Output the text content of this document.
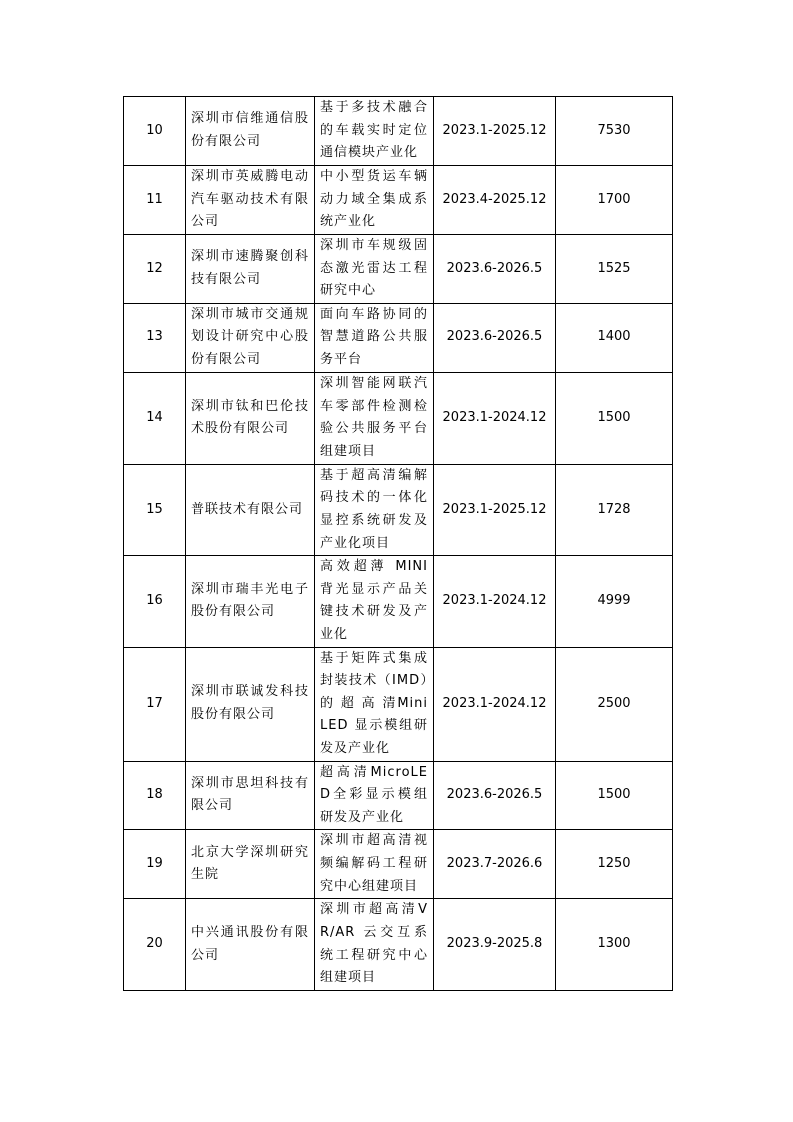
10	深圳市信维通信股份有限公司	基于多技术融合的车载实时定位通信模块产业化	2023.1-2025.12	7530
11	深圳市英威腾电动汽车驱动技术有限公司	中小型货运车辆动力域全集成系统产业化	2023.4-2025.12	1700
12	深圳市速腾聚创科技有限公司	深圳市车规级固态激光雷达工程研究中心	2023.6-2026.5	1525
13	深圳市城市交通规划设计研究中心股份有限公司	面向车路协同的智慧道路公共服务平台	2023.6-2026.5	1400
14	深圳市钛和巴伦技术股份有限公司	深圳智能网联汽车零部件检测检验公共服务平台组建项目	2023.1-2024.12	1500
15	普联技术有限公司	基于超高清编解码技术的一体化显控系统研发及产业化项目	2023.1-2025.12	1728
16	深圳市瑞丰光电子股份有限公司	高效超薄 MINI 背光显示产品关键技术研发及产业化	2023.1-2024.12	4999
17	深圳市联诚发科技股份有限公司	基于矩阵式集成封装技术（IMD）的 超 高 清MiniLED 显示模组研发及产业化	2023.1-2024.12	2500
18	深圳市思坦科技有限公司	超高清MicroLED全彩显示模组研发及产业化	2023.6-2026.5	1500
19	北京大学深圳研究生院	深圳市超高清视频编解码工程研究中心组建项目	2023.7-2026.6	1250
20	中兴通讯股份有限公司	深圳市超高清VR/AR 云交互系统工程研究中心组建项目	2023.9-2025.8	1300
